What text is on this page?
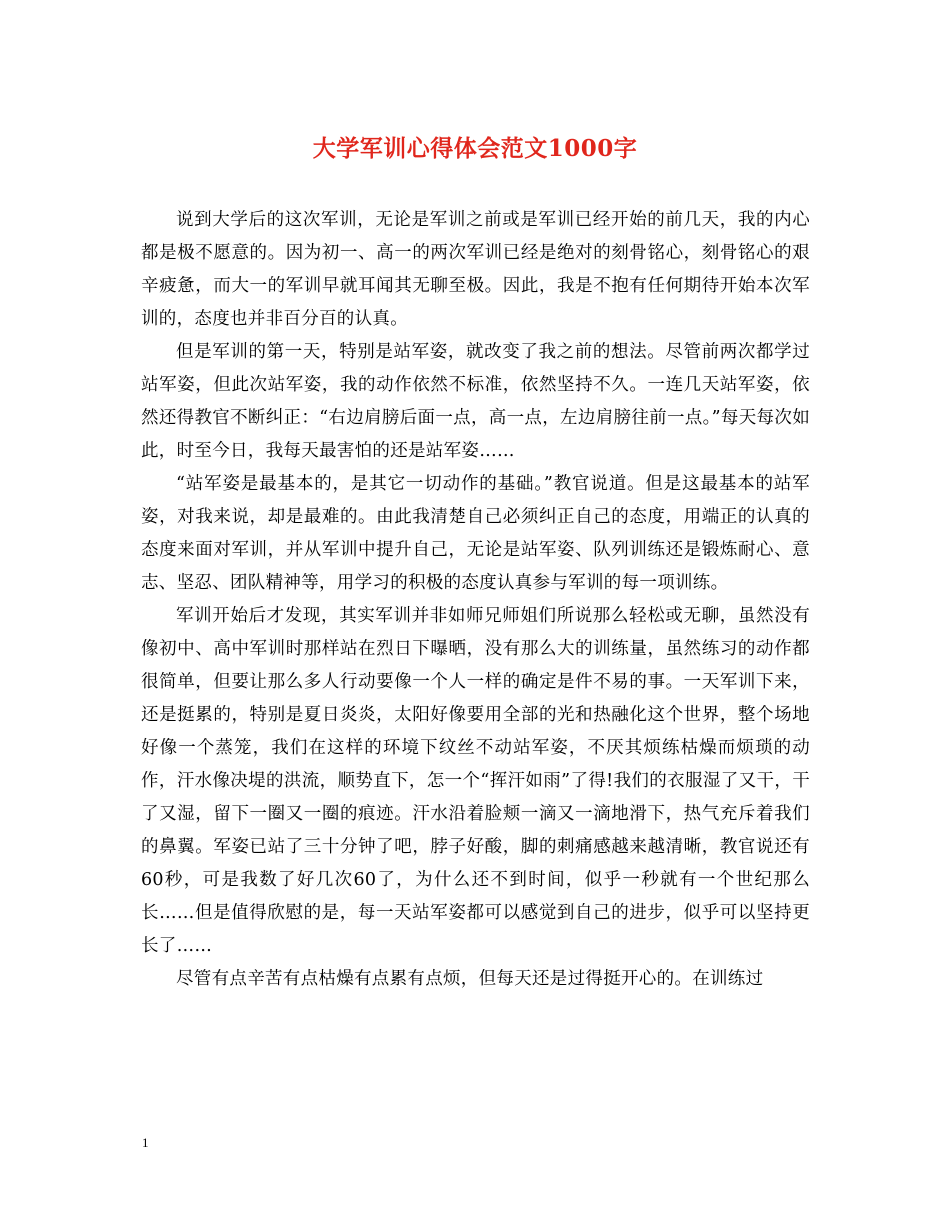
大学军训心得体会范文1000字

说到大学后的这次军训，无论是军训之前或是军训已经开始的前几天，我的内心都是极不愿意的。因为初一、高一的两次军训已经是绝对的刻骨铭心，刻骨铭心的艰辛疲惫，而大一的军训早就耳闻其无聊至极。因此，我是不抱有任何期待开始本次军训的，态度也并非百分百的认真。

但是军训的第一天，特别是站军姿，就改变了我之前的想法。尽管前两次都学过站军姿，但此次站军姿，我的动作依然不标准，依然坚持不久。一连几天站军姿，依然还得教官不断纠正：“右边肩膀后面一点，高一点，左边肩膀往前一点。”每天每次如此，时至今日，我每天最害怕的还是站军姿……

“站军姿是最基本的，是其它一切动作的基础。”教官说道。但是这最基本的站军姿，对我来说，却是最难的。由此我清楚自己必须纠正自己的态度，用端正的认真的态度来面对军训，并从军训中提升自己，无论是站军姿、队列训练还是锻炼耐心、意志、坚忍、团队精神等，用学习的积极的态度认真参与军训的每一项训练。

军训开始后才发现，其实军训并非如师兄师姐们所说那么轻松或无聊，虽然没有像初中、高中军训时那样站在烈日下曝晒，没有那么大的训练量，虽然练习的动作都很简单，但要让那么多人行动要像一个人一样的确定是件不易的事。一天军训下来，还是挺累的，特别是夏日炎炎，太阳好像要用全部的光和热融化这个世界，整个场地好像一个蒸笼，我们在这样的环境下纹丝不动站军姿，不厌其烦练枯燥而烦琐的动作，汗水像决堤的洪流，顺势直下，怎一个“挥汗如雨”了得!我们的衣服湿了又干，干了又湿，留下一圈又一圈的痕迹。汗水沿着脸颊一滴又一滴地滑下，热气充斥着我们的鼻翼。军姿已站了三十分钟了吧，脖子好酸，脚的刺痛感越来越清晰，教官说还有60秒，可是我数了好几次60了，为什么还不到时间，似乎一秒就有一个世纪那么长……但是值得欣慰的是，每一天站军姿都可以感觉到自己的进步，似乎可以坚持更长了……

尽管有点辛苦有点枯燥有点累有点烦，但每天还是过得挺开心的。在训练过

1
